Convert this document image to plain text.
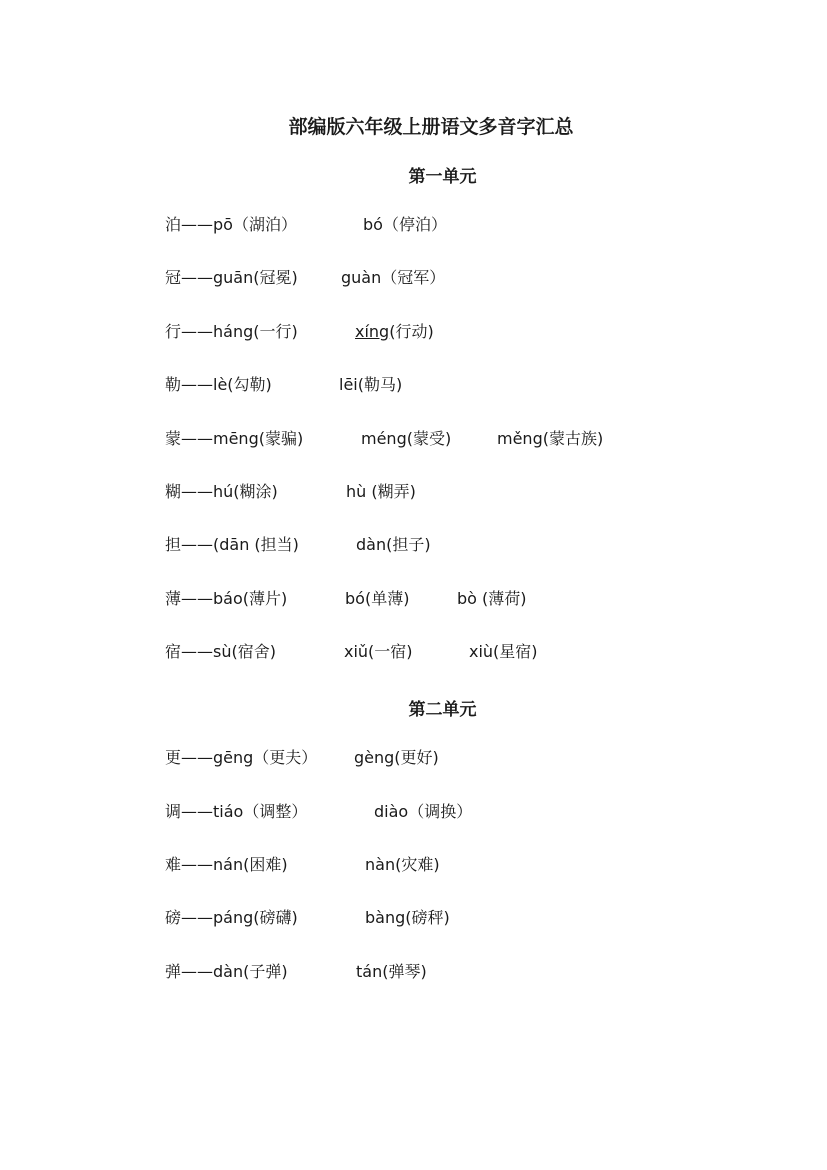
部编版六年级上册语文多音字汇总
第一单元
泊——pō（湖泊）	bó（停泊）
冠——guān(冠冕)	guàn（冠军）
行——háng(一行)	xíng(行动)
勒——lè(勾勒)	lēi(勒马)
蒙——mēng(蒙骗)	méng(蒙受)	měng(蒙古族)
糊——hú(糊涂)	hù (糊弄)
担——(dān (担当)	dàn(担子)
薄——báo(薄片)	bó(单薄)	bò (薄荷)
宿——sù(宿舍)	xiǔ(一宿)	xiù(星宿)
第二单元
更——gēng（更夫） gèng(更好)
调——tiáo（调整）	diào（调换）
难——nán(困难)	nàn(灾难)
磅——páng(磅礴)	bàng(磅秤)
弹——dàn(子弹)	tán(弹琴)
